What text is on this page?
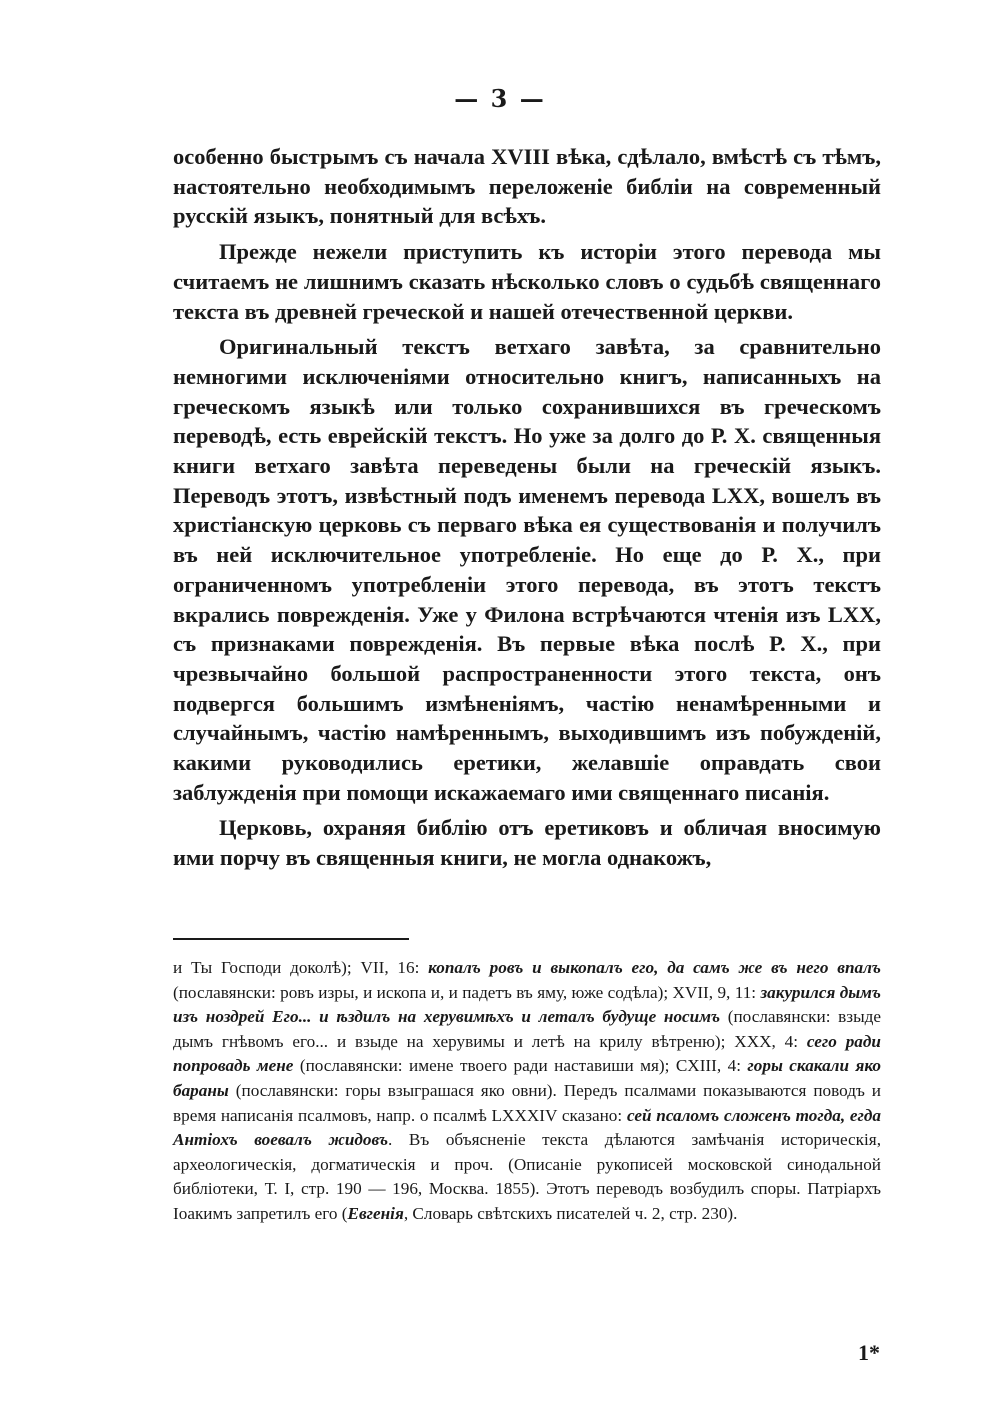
— 3 —

особенно быстрымъ съ начала XVIII вѣка, сдѣлало, вмѣстѣ съ тѣмъ, настоятельно необходимымъ переложеніе библіи на современный русскій языкъ, понятный для всѣхъ.

Прежде нежели приступить къ исторіи этого перевода мы считаемъ не лишнимъ сказать нѣсколько словъ о судьбѣ священнаго текста въ древней греческой и нашей отечественной церкви.

Оригинальный текстъ ветхаго завѣта, за сравнительно немногими исключеніями относительно книгъ, написанныхъ на греческомъ языкѣ или только сохранившихся въ греческомъ переводѣ, есть еврейскій текстъ. Но уже за долго до Р. Х. священныя книги ветхаго завѣта переведены были на греческій языкъ. Переводъ этотъ, извѣстный подъ именемъ перевода LXX, вошелъ въ христіанскую церковь съ перваго вѣка ея существованія и получилъ въ ней исключительное употребленіе. Но еще до Р. Х., при ограниченномъ употребленіи этого перевода, въ этотъ текстъ вкрались поврежденія. Уже у Филона встрѣчаются чтенія изъ LXX, съ признаками поврежденія. Въ первые вѣка послѣ Р. Х., при чрезвычайно большой распространенности этого текста, онъ подвергся большимъ измѣненіямъ, частію ненамѣренными и случайнымъ, частію намѣреннымъ, выходившимъ изъ побужденій, какими руководились еретики, желавшіе оправдать свои заблужденія при помощи искажаемаго ими священнаго писанія.

Церковь, охраняя библію отъ еретиковъ и обличая вносимую ими порчу въ священныя книги, не могла однакожъ,

и Ты Господи доколѣ); VII, 16: копалъ ровъ и выкопалъ его, да самъ же въ него впалъ (пославянски: ровъ изры, и ископа и, и падетъ въ яму, юже содѣла); XVII, 9, 11: закурился дымъ изъ ноздрей Его... и ѣздилъ на херувимѣхъ и леталъ будуще носимъ (пославянски: взыде дымъ гнѣвомъ его... и взыде на херувимы и летѣ на крилу вѣтреню); XXX, 4: сего ради попровадь мене (пославянски: имене твоего ради наставиши мя); CXIII, 4: горы скакали яко бараны (пославянски: горы взыграшася яко овни). Передъ псалмами показываются поводъ и время написанія псалмовъ, напр. о псалмѣ LXXXIV сказано: сей псаломъ сложенъ тогда, егда Антіохъ воевалъ жидовъ. Въ объясненіе текста дѣлаются замѣчанія историческія, археологическія, догматическія и проч. (Описаніе рукописей московской синодальной библіотеки, Т. I, стр. 190 — 196, Москва. 1855). Этотъ переводъ возбудилъ споры. Патріархъ Іоакимъ запретилъ его (Евгенія, Словарь свѣтскихъ писателей ч. 2, стр. 230).
1*
